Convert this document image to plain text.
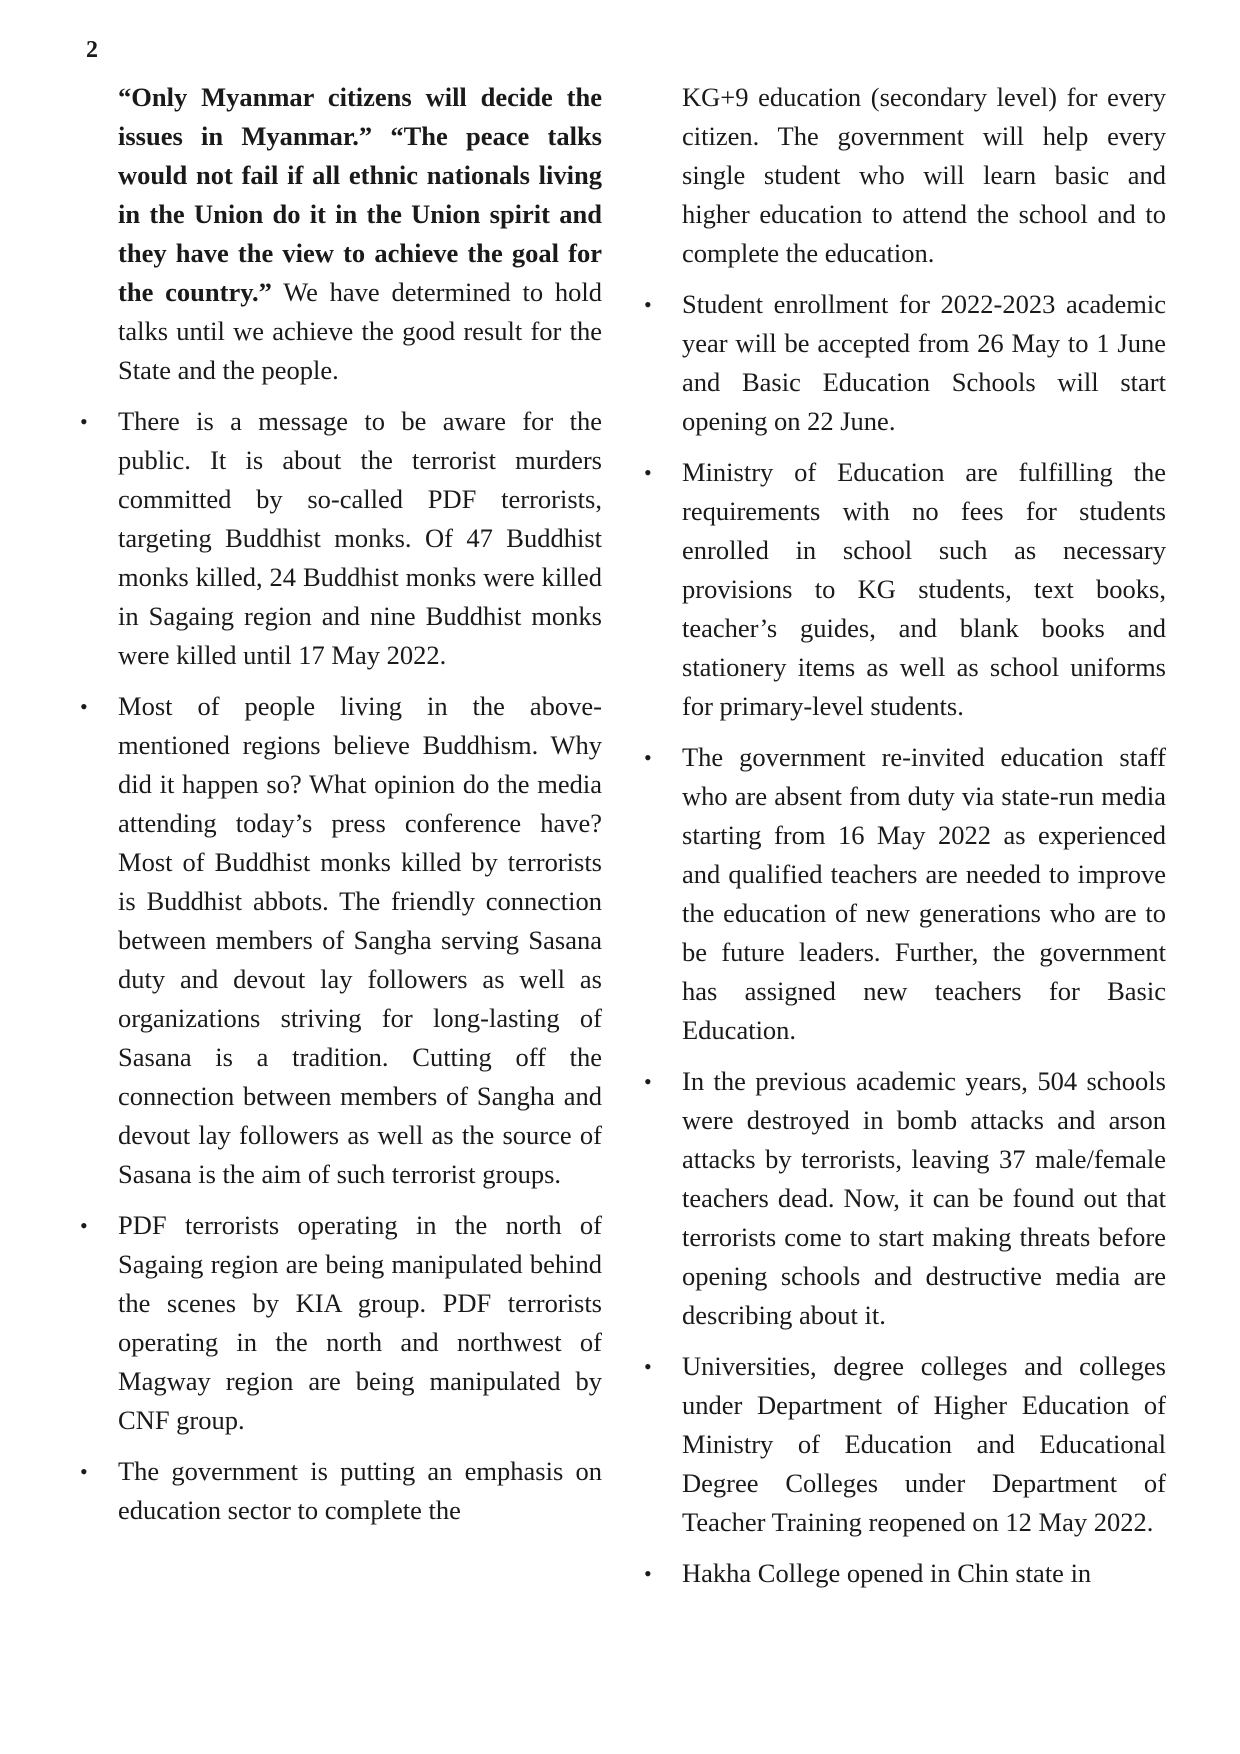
2

“Only Myanmar citizens will decide the issues in Myanmar.” “The peace talks would not fail if all ethnic nationals living in the Union do it in the Union spirit and they have the view to achieve the goal for the country.” We have determined to hold talks until we achieve the good result for the State and the people.

• There is a message to be aware for the public. It is about the terrorist murders committed by so-called PDF terrorists, targeting Buddhist monks. Of 47 Buddhist monks killed, 24 Buddhist monks were killed in Sagaing region and nine Buddhist monks were killed until 17 May 2022.

• Most of people living in the above-mentioned regions believe Buddhism. Why did it happen so? What opinion do the media attending today’s press conference have? Most of Buddhist monks killed by terrorists is Buddhist abbots. The friendly connection between members of Sangha serving Sasana duty and devout lay followers as well as organizations striving for long-lasting of Sasana is a tradition. Cutting off the connection between members of Sangha and devout lay followers as well as the source of Sasana is the aim of such terrorist groups.

• PDF terrorists operating in the north of Sagaing region are being manipulated behind the scenes by KIA group. PDF terrorists operating in the north and northwest of Magway region are being manipulated by CNF group.

• The government is putting an emphasis on education sector to complete the

KG+9 education (secondary level) for every citizen. The government will help every single student who will learn basic and higher education to attend the school and to complete the education.

• Student enrollment for 2022-2023 academic year will be accepted from 26 May to 1 June and Basic Education Schools will start opening on 22 June.

• Ministry of Education are fulfilling the requirements with no fees for students enrolled in school such as necessary provisions to KG students, text books, teacher’s guides, and blank books and stationery items as well as school uniforms for primary-level students.

• The government re-invited education staff who are absent from duty via state-run media starting from 16 May 2022 as experienced and qualified teachers are needed to improve the education of new generations who are to be future leaders. Further, the government has assigned new teachers for Basic Education.

• In the previous academic years, 504 schools were destroyed in bomb attacks and arson attacks by terrorists, leaving 37 male/female teachers dead. Now, it can be found out that terrorists come to start making threats before opening schools and destructive media are describing about it.

• Universities, degree colleges and colleges under Department of Higher Education of Ministry of Education and Educational Degree Colleges under Department of Teacher Training reopened on 12 May 2022.

• Hakha College opened in Chin state in
